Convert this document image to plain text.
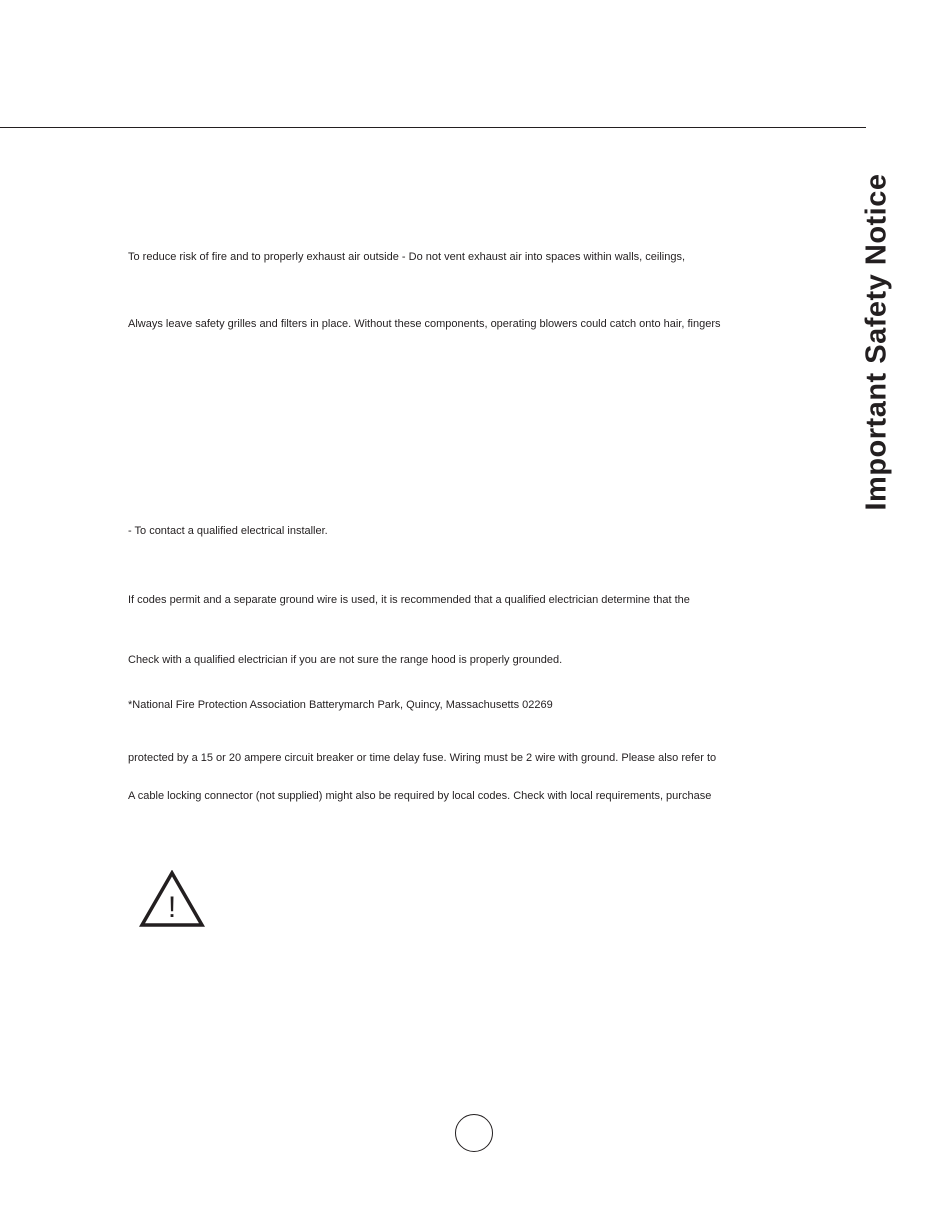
Important Safety Notice
To reduce risk of fire and to properly exhaust air outside - Do not vent exhaust air into spaces within walls, ceilings,
Always leave safety grilles and filters in place. Without these components, operating blowers could catch onto hair, fingers
- To contact a qualified electrical installer.
If codes permit and a separate ground wire is used, it is recommended that a qualified electrician determine that the
Check with a qualified electrician if you are not sure the range hood is properly grounded.
*National Fire Protection Association Batterymarch Park, Quincy, Massachusetts 02269
protected by a 15 or 20 ampere circuit breaker or time delay fuse. Wiring must be 2 wire with ground. Please also refer to
A cable locking connector (not supplied) might also be required by local codes. Check with local requirements, purchase
!
